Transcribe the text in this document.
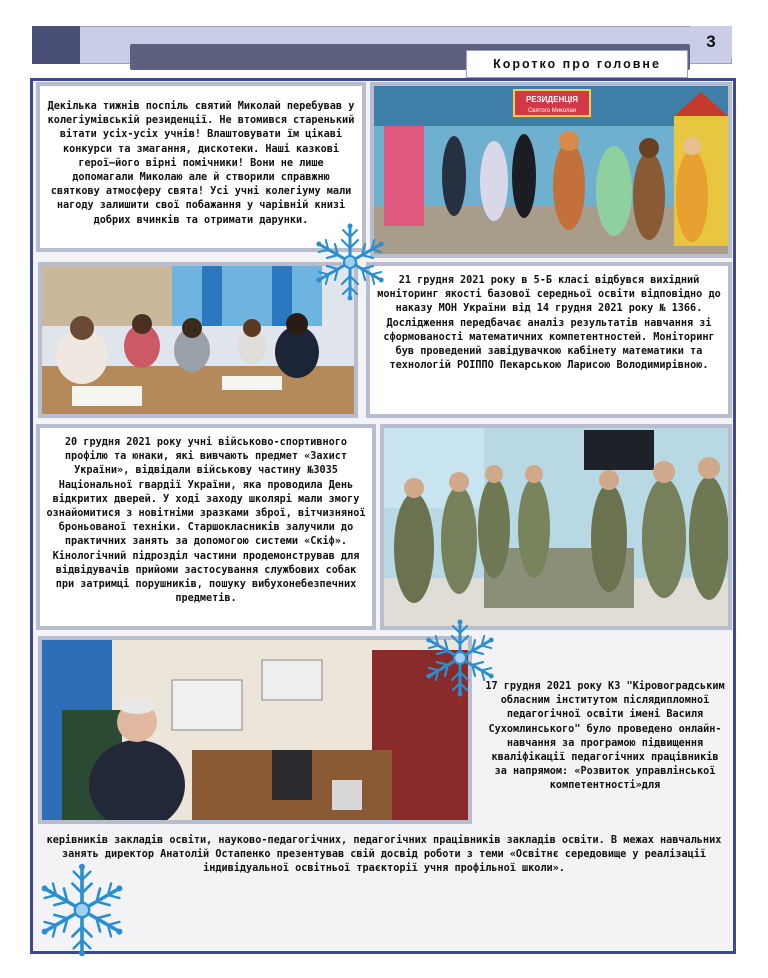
Коротко про головне
3
Декілька тижнів поспіль святий Миколай перебував у колегіумівській резиденції. Не втомився старенький вітати усіх-усіх учнів! Влаштовувати їм цікаві конкурси та змагання, дискотеки. Наші казкові герої—його вірні помічники! Вони не лише допомагали Миколаю але й створили справжню святкову атмосферу свята! Усі учні колегіуму мали нагоду залишити свої побажання у чарівній книзі добрих вчинків та отримати дарунки.
РЕЗИДЕНЦІЯ
Святого Миколая
21 грудня 2021 року в 5-Б класі відбувся вихідний моніторинг якості базової середньої освіти відповідно до наказу МОН України від 14 грудня 2021 року № 1366. Дослідження передбачає аналіз результатів навчання зі сформованості математичних компетентностей. Моніторинг був проведений завідувачкою кабінету математики та технологій РОІППО Пекарською Ларисою Володимирівною.
20 грудня 2021 року учні військово-спортивного профілю та юнаки, які вивчають предмет «Захист України», відвідали військову частину №3035 Національної гвардії України, яка проводила День відкритих дверей. У ході заходу школярі мали змогу ознайомитися з новітніми зразками зброї, вітчизняної броньованої техніки. Старшокласників залучили до практичних занять за допомогою системи «Скіф». Кінологічний підрозділ частини продемонстрував для відвідувачів прийоми застосування службових собак при затримці порушників, пошуку вибухонебезпечних предметів.
17 грудня 2021 року КЗ "Кіровоградським обласним інститутом післядипломної педагогічної освіти імені Василя Сухомлинського" було проведено онлайн-навчання за програмою підвищення кваліфікації педагогічних працівників за напрямом: «Розвиток управлінської компетентності»для
керівників закладів освіти, науково-педагогічних, педагогічних працівників закладів освіти. В межах навчальних занять директор Анатолій Остапенко презентував свій досвід роботи з теми «Освітнє середовище у реалізації індивідуальної освітньої траєкторії учня профільної школи».
